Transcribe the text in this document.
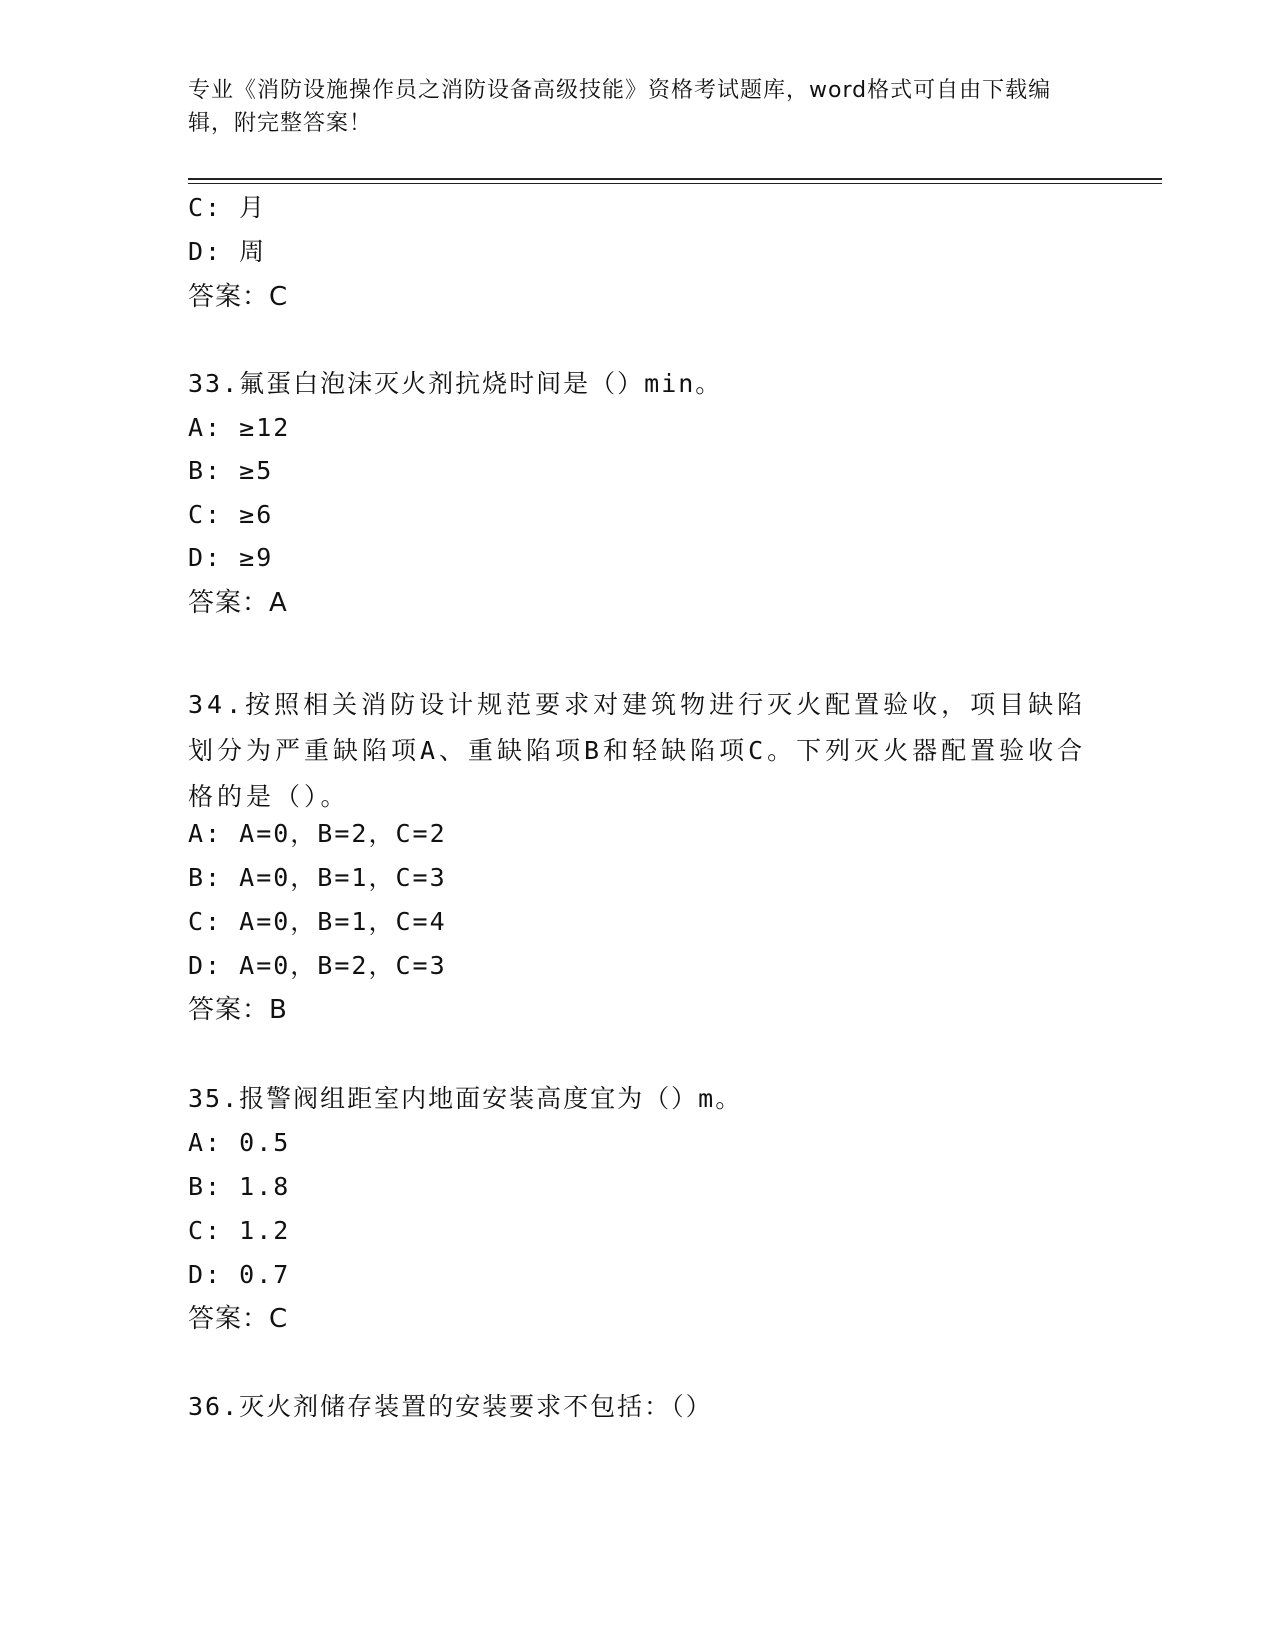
专业《消防设施操作员之消防设备高级技能》资格考试题库，word格式可自由下载编辑，附完整答案！
C: 月
D: 周
答案：C
33.氟蛋白泡沫灭火剂抗烧时间是（）min。
A: ≥12
B: ≥5
C: ≥6
D: ≥9
答案：A
34.按照相关消防设计规范要求对建筑物进行灭火配置验收，项目缺陷划分为严重缺陷项A、重缺陷项B和轻缺陷项C。下列灭火器配置验收合格的是（）。
A: A=0，B=2，C=2
B: A=0，B=1，C=3
C: A=0，B=1，C=4
D: A=0，B=2，C=3
答案：B
35.报警阀组距室内地面安装高度宜为（）m。
A: 0.5
B: 1.8
C: 1.2
D: 0.7
答案：C
36.灭火剂储存装置的安装要求不包括：（）
